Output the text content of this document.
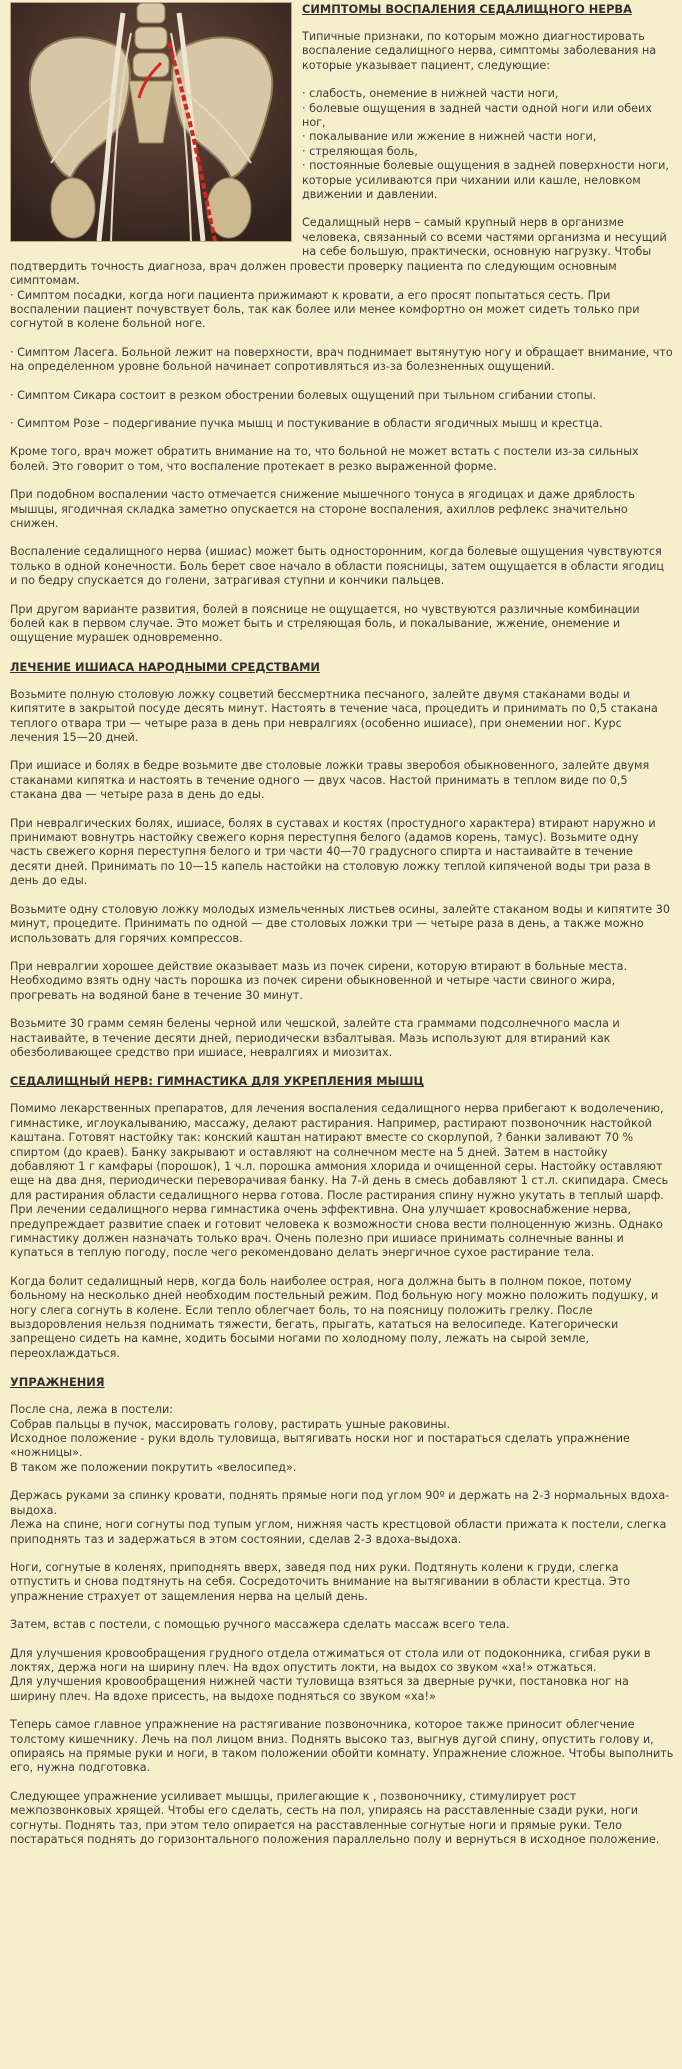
СИМПТОМЫ ВОСПАЛЕНИЯ СЕДАЛИЩНОГО НЕРВА

Типичные признаки, по которым можно диагностировать воспаление седалищного нерва, симптомы заболевания на которые указывает пациент, следующие:

· слабость, онемение в нижней части ноги,
· болевые ощущения в задней части одной ноги или обеих ног,
· покалывание или жжение в нижней части ноги,
· стреляющая боль,
· постоянные болевые ощущения в задней поверхности ноги, которые усиливаются при чихании или кашле, неловком движении и давлении.

Седалищный нерв – самый крупный нерв в организме человека, связанный со всеми частями организма и несущий на себе большую, практически, основную нагрузку. Чтобы подтвердить точность диагноза, врач должен провести проверку пациента по следующим основным симптомам.

· Симптом посадки, когда ноги пациента прижимают к кровати, а его просят попытаться сесть. При воспалении пациент почувствует боль, так как более или менее комфортно он может сидеть только при согнутой в колене больной ноге.

· Симптом Ласега. Больной лежит на поверхности, врач поднимает вытянутую ногу и обращает внимание, что на определенном уровне больной начинает сопротивляться из-за болезненных ощущений.

· Симптом Сикара состоит в резком обострении болевых ощущений при тыльном сгибании стопы.

· Симптом Розе – подергивание пучка мышц и постукивание в области ягодичных мышц и крестца.

Кроме того, врач может обратить внимание на то, что больной не может встать с постели из-за сильных болей. Это говорит о том, что воспаление протекает в резко выраженной форме.

При подобном воспалении часто отмечается снижение мышечного тонуса в ягодицах и даже дряблость мышцы, ягодичная складка заметно опускается на стороне воспаления, ахиллов рефлекс значительно снижен.

Воспаление седалищного нерва (ишиас) может быть односторонним, когда болевые ощущения чувствуются только в одной конечности. Боль берет свое начало в области поясницы, затем ощущается в области ягодиц и по бедру спускается до голени, затрагивая ступни и кончики пальцев.

При другом варианте развития, болей в пояснице не ощущается, но чувствуются различные комбинации болей как в первом случае. Это может быть и стреляющая боль, и покалывание, жжение, онемение и ощущение мурашек одновременно.

ЛЕЧЕНИЕ ИШИАСА НАРОДНЫМИ СРЕДСТВАМИ

Возьмите полную столовую ложку соцветий бессмертника песчаного, залейте двумя стаканами воды и кипятите в закрытой посуде десять минут. Настоять в течение часа, процедить и принимать по 0,5 стакана теплого отвара три — четыре раза в день при невралгиях (особенно ишиасе), при онемении ног. Курс лечения 15—20 дней.

При ишиасе и болях в бедре возьмите две столовые ложки травы зверобоя обыкновенного, залейте двумя стаканами кипятка и настоять в течение одного — двух часов. Настой принимать в теплом виде по 0,5 стакана два — четыре раза в день до еды.

При невралгических болях, ишиасе, болях в суставах и костях (простудного характера) втирают наружно и принимают вовнутрь настойку свежего корня переступня белого (адамов корень, тамус). Возьмите одну часть свежего корня переступня белого и три части 40—70 градусного спирта и настаивайте в течение десяти дней. Принимать по 10—15 капель настойки на столовую ложку теплой кипяченой воды три раза в день до еды.

Возьмите одну столовую ложку молодых измельченных листьев осины, залейте стаканом воды и кипятите 30 минут, процедите. Принимать по одной — две столовых ложки три — четыре раза в день, а также можно использовать для горячих компрессов.

При невралгии хорошее действие оказывает мазь из почек сирени, которую втирают в больные места. Необходимо взять одну часть порошка из почек сирени обыкновенной и четыре части свиного жира, прогревать на водяной бане в течение 30 минут.

Возьмите 30 грамм семян белены черной или чешской, залейте ста граммами подсолнечного масла и настаивайте, в течение десяти дней, периодически взбалтывая. Мазь используют для втираний как обезболивающее средство при ишиасе, невралгиях и миозитах.

СЕДАЛИЩНЫЙ НЕРВ: ГИМНАСТИКА ДЛЯ УКРЕПЛЕНИЯ МЫШЦ

Помимо лекарственных препаратов, для лечения воспаления седалищного нерва прибегают к водолечению, гимнастике, иглоукалыванию, массажу, делают растирания. Например, растирают позвоночник настойкой каштана. Готовят настойку так: конский каштан натирают вместе со скорлупой, ? банки заливают 70 % спиртом (до краев). Банку закрывают и оставляют на солнечном месте на 5 дней. Затем в настойку добавляют 1 г камфары (порошок), 1 ч.л. порошка аммония хлорида и очищенной серы. Настойку оставляют еще на два дня, периодически переворачивая банку. На 7-й день в смесь добавляют 1 ст.л. скипидара. Смесь для растирания области седалищного нерва готова. После растирания спину нужно укутать в теплый шарф. При лечении седалищного нерва гимнастика очень эффективна. Она улучшает кровоснабжение нерва, предупреждает развитие спаек и готовит человека к возможности снова вести полноценную жизнь. Однако гимнастику должен назначать только врач. Очень полезно при ишиасе принимать солнечные ванны и купаться в теплую погоду, после чего рекомендовано делать энергичное сухое растирание тела.

Когда болит седалищный нерв, когда боль наиболее острая, нога должна быть в полном покое, потому больному на несколько дней необходим постельный режим. Под больную ногу можно положить подушку, и ногу слега согнуть в колене. Если тепло облегчает боль, то на поясницу положить грелку. После выздоровления нельзя поднимать тяжести, бегать, прыгать, кататься на велосипеде. Категорически запрещено сидеть на камне, ходить босыми ногами по холодному полу, лежать на сырой земле, переохлаждаться.

УПРАЖНЕНИЯ

После сна, лежа в постели:
Собрав пальцы в пучок, массировать голову, растирать ушные раковины.
Исходное положение - руки вдоль туловища, вытягивать носки ног и постараться сделать упражнение «ножницы».
В таком же положении покрутить «велосипед».

Держась руками за спинку кровати, поднять прямые ноги под углом 90º и держать на 2-3 нормальных вдоха-выдоха.

Лежа на спине, ноги согнуты под тупым углом, нижняя часть крестцовой области прижата к постели, слегка приподнять таз и задержаться в этом состоянии, сделав 2-3 вдоха-выдоха.

Ноги, согнутые в коленях, приподнять вверх, заведя под них руки. Подтянуть колени к груди, слегка отпустить и снова подтянуть на себя. Сосредоточить внимание на вытягивании в области крестца. Это упражнение страхует от защемления нерва на целый день.

Затем, встав с постели, с помощью ручного массажера сделать массаж всего тела.

Для улучшения кровообращения грудного отдела отжиматься от стола или от подоконника, сгибая руки в локтях, держа ноги на ширину плеч. На вдох опустить локти, на выдох со звуком «ха!» отжаться.

Для улучшения кровообращения нижней части туловища взяться за дверные ручки, постановка ног на ширину плеч. На вдохе присесть, на выдохе подняться со звуком «ха!»

Теперь самое главное упражнение на растягивание позвоночника, которое также приносит облегчение толстому кишечнику. Лечь на пол лицом вниз. Поднять высоко таз, выгнув дугой спину, опустить голову и, опираясь на прямые руки и ноги, в таком положении обойти комнату. Упражнение сложное. Чтобы выполнить его, нужна подготовка.

Следующее упражнение усиливает мышцы, прилегающие к , позвоночнику, стимулирует рост межпозвонковых хрящей. Чтобы его сделать, сесть на пол, упираясь на расставленные сзади руки, ноги согнуты. Поднять таз, при этом тело опирается на расставленные согнутые ноги и прямые руки. Тело постараться поднять до горизонтального положения параллельно полу и вернуться в исходное положение.
